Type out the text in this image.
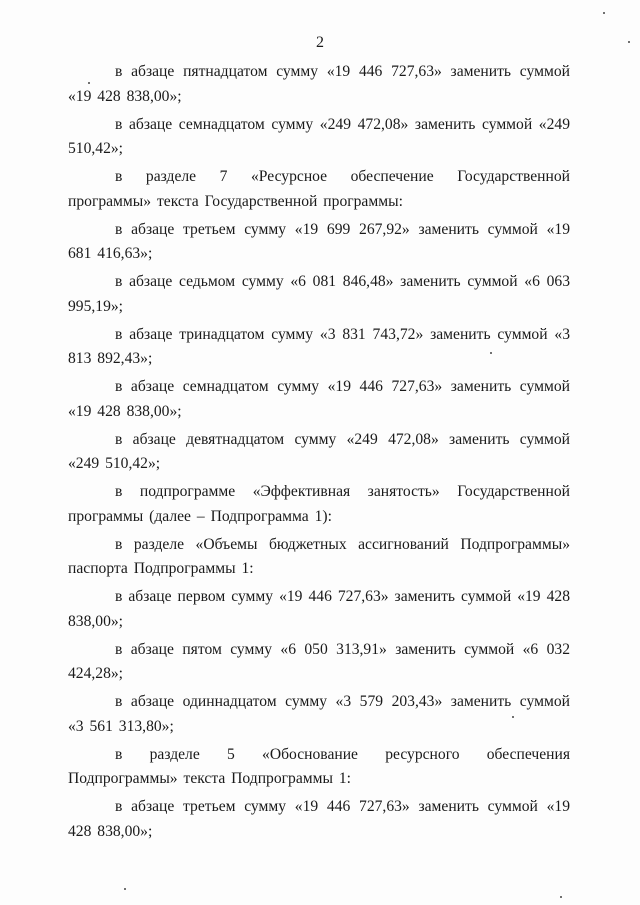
2

в абзаце пятнадцатом сумму «19 446 727,63» заменить суммой «19 428 838,00»;

в абзаце семнадцатом сумму «249 472,08» заменить суммой «249 510,42»;

в разделе 7 «Ресурсное обеспечение Государственной программы» текста Государственной программы:

в абзаце третьем сумму «19 699 267,92» заменить суммой «19 681 416,63»;

в абзаце седьмом сумму «6 081 846,48» заменить суммой «6 063 995,19»;

в абзаце тринадцатом сумму «3 831 743,72» заменить суммой «3 813 892,43»;

в абзаце семнадцатом сумму «19 446 727,63» заменить суммой «19 428 838,00»;

в абзаце девятнадцатом сумму «249 472,08» заменить суммой «249 510,42»;

в подпрограмме «Эффективная занятость» Государственной программы (далее – Подпрограмма 1):

в разделе «Объемы бюджетных ассигнований Подпрограммы» паспорта Подпрограммы 1:

в абзаце первом сумму «19 446 727,63» заменить суммой «19 428 838,00»;

в абзаце пятом сумму «6 050 313,91» заменить суммой «6 032 424,28»;

в абзаце одиннадцатом сумму «3 579 203,43» заменить суммой «3 561 313,80»;

в разделе 5 «Обоснование ресурсного обеспечения Подпрограммы» текста Подпрограммы 1:

в абзаце третьем сумму «19 446 727,63» заменить суммой «19 428 838,00»;
